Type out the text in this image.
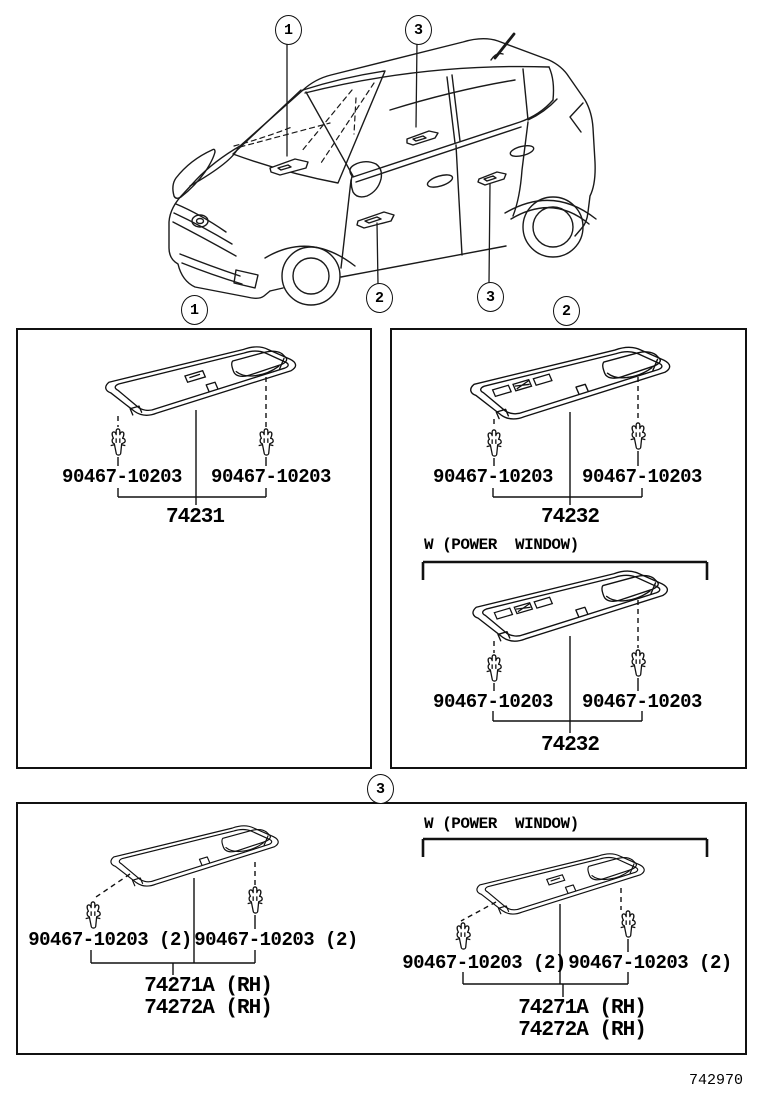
1	3
2	3
1	2
3
90467-10203 90467-10203
74231
90467-10203 90467-10203
74232
W (POWER  WINDOW)
90467-10203 90467-10203
74232
90467-10203 (2) 90467-10203 (2)
74271A (RH)
74272A (RH)
W (POWER  WINDOW)
90467-10203 (2) 90467-10203 (2)
74271A (RH)
74272A (RH)
742970
